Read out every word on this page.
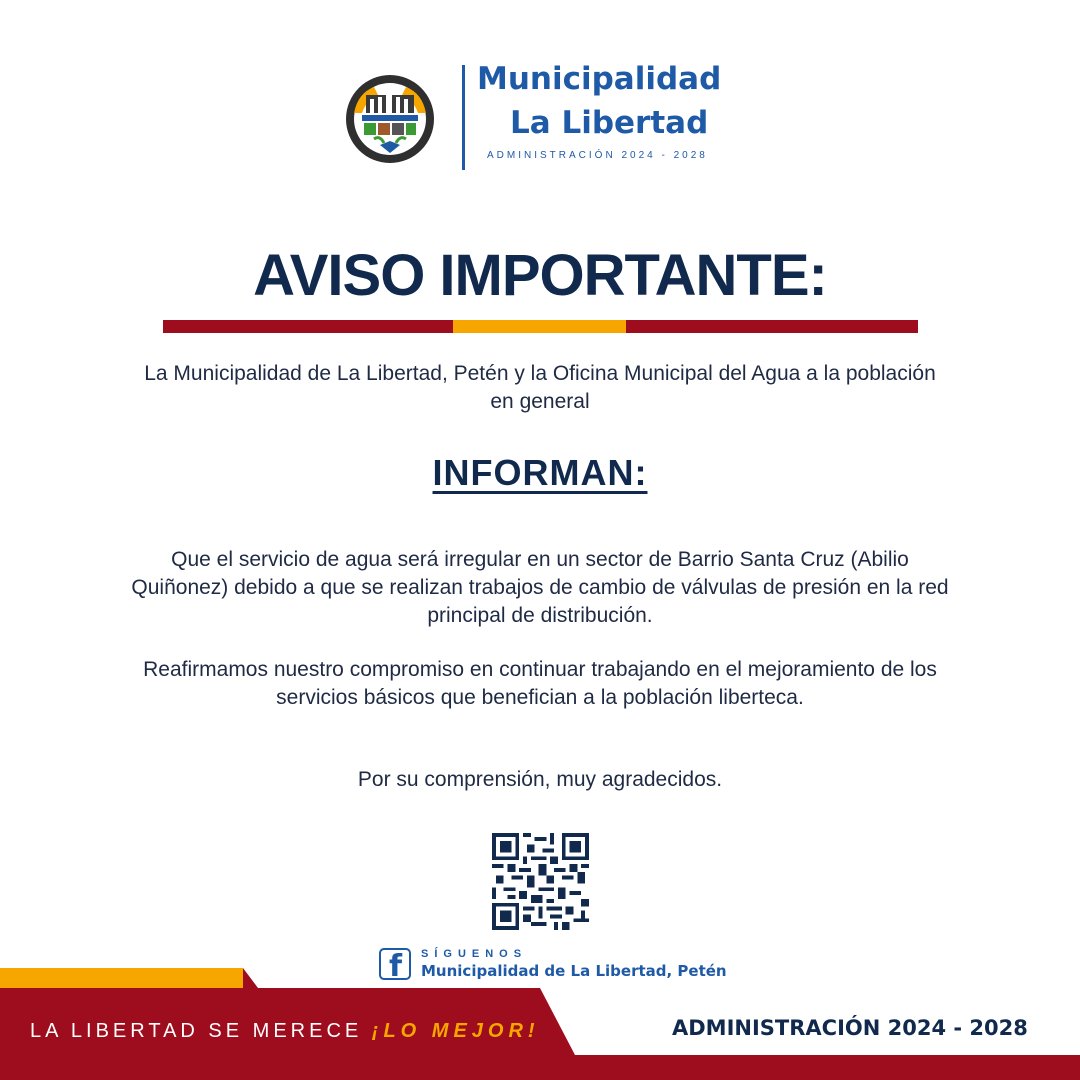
Municipalidad
La Libertad
ADMINISTRACIÓN 2024 - 2028
AVISO IMPORTANTE:
La Municipalidad de La Libertad, Petén y la Oficina Municipal del Agua a la población en general
INFORMAN:
Que el servicio de agua será irregular en un sector de Barrio Santa Cruz (Abilio Quiñonez) debido a que se realizan trabajos de cambio de válvulas de presión en la red principal de distribución.
Reafirmamos nuestro compromiso en continuar trabajando en el mejoramiento de los servicios básicos que benefician a la población liberteca.
Por su comprensión, muy agradecidos.
f SÍGUENOS
Municipalidad de La Libertad, Petén
LA LIBERTAD SE MERECE ¡LO MEJOR!	ADMINISTRACIÓN 2024 - 2028
